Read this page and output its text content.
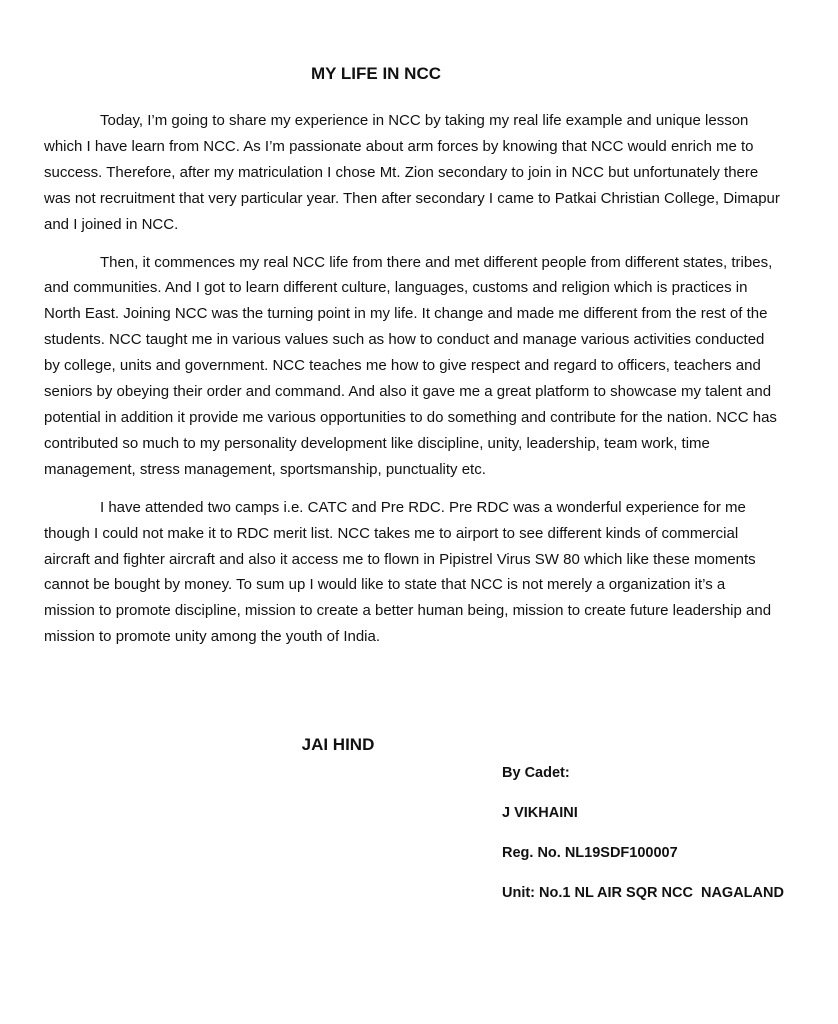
MY LIFE IN NCC

Today, I’m going to share my experience in NCC by taking my real life example and unique lesson which I have learn from NCC. As I’m passionate about arm forces by knowing that NCC would enrich me to success. Therefore, after my matriculation I chose Mt. Zion secondary to join in NCC but unfortunately there was not recruitment that very particular year. Then after secondary I came to Patkai Christian College, Dimapur and I joined in NCC.

Then, it commences my real NCC life from there and met different people from different states, tribes, and communities. And I got to learn different culture, languages, customs and religion which is practices in North East. Joining NCC was the turning point in my life. It change and made me different from the rest of the students. NCC taught me in various values such as how to conduct and manage various activities conducted by college, units and government. NCC teaches me how to give respect and regard to officers, teachers and seniors by obeying their order and command. And also it gave me a great platform to showcase my talent and potential in addition it provide me various opportunities to do something and contribute for the nation. NCC has contributed so much to my personality development like discipline, unity, leadership, team work, time management, stress management, sportsmanship, punctuality etc.

I have attended two camps i.e. CATC and Pre RDC. Pre RDC was a wonderful experience for me though I could not make it to RDC merit list. NCC takes me to airport to see different kinds of commercial aircraft and fighter aircraft and also it access me to flown in Pipistrel Virus SW 80 which like these moments cannot be bought by money. To sum up I would like to state that NCC is not merely a organization it’s a mission to promote discipline, mission to create a better human being, mission to create future leadership and mission to promote unity among the youth of India.

JAI HIND

By Cadet:

J VIKHAINI

Reg. No. NL19SDF100007

Unit: No.1 NL AIR SQR NCC  NAGALAND
